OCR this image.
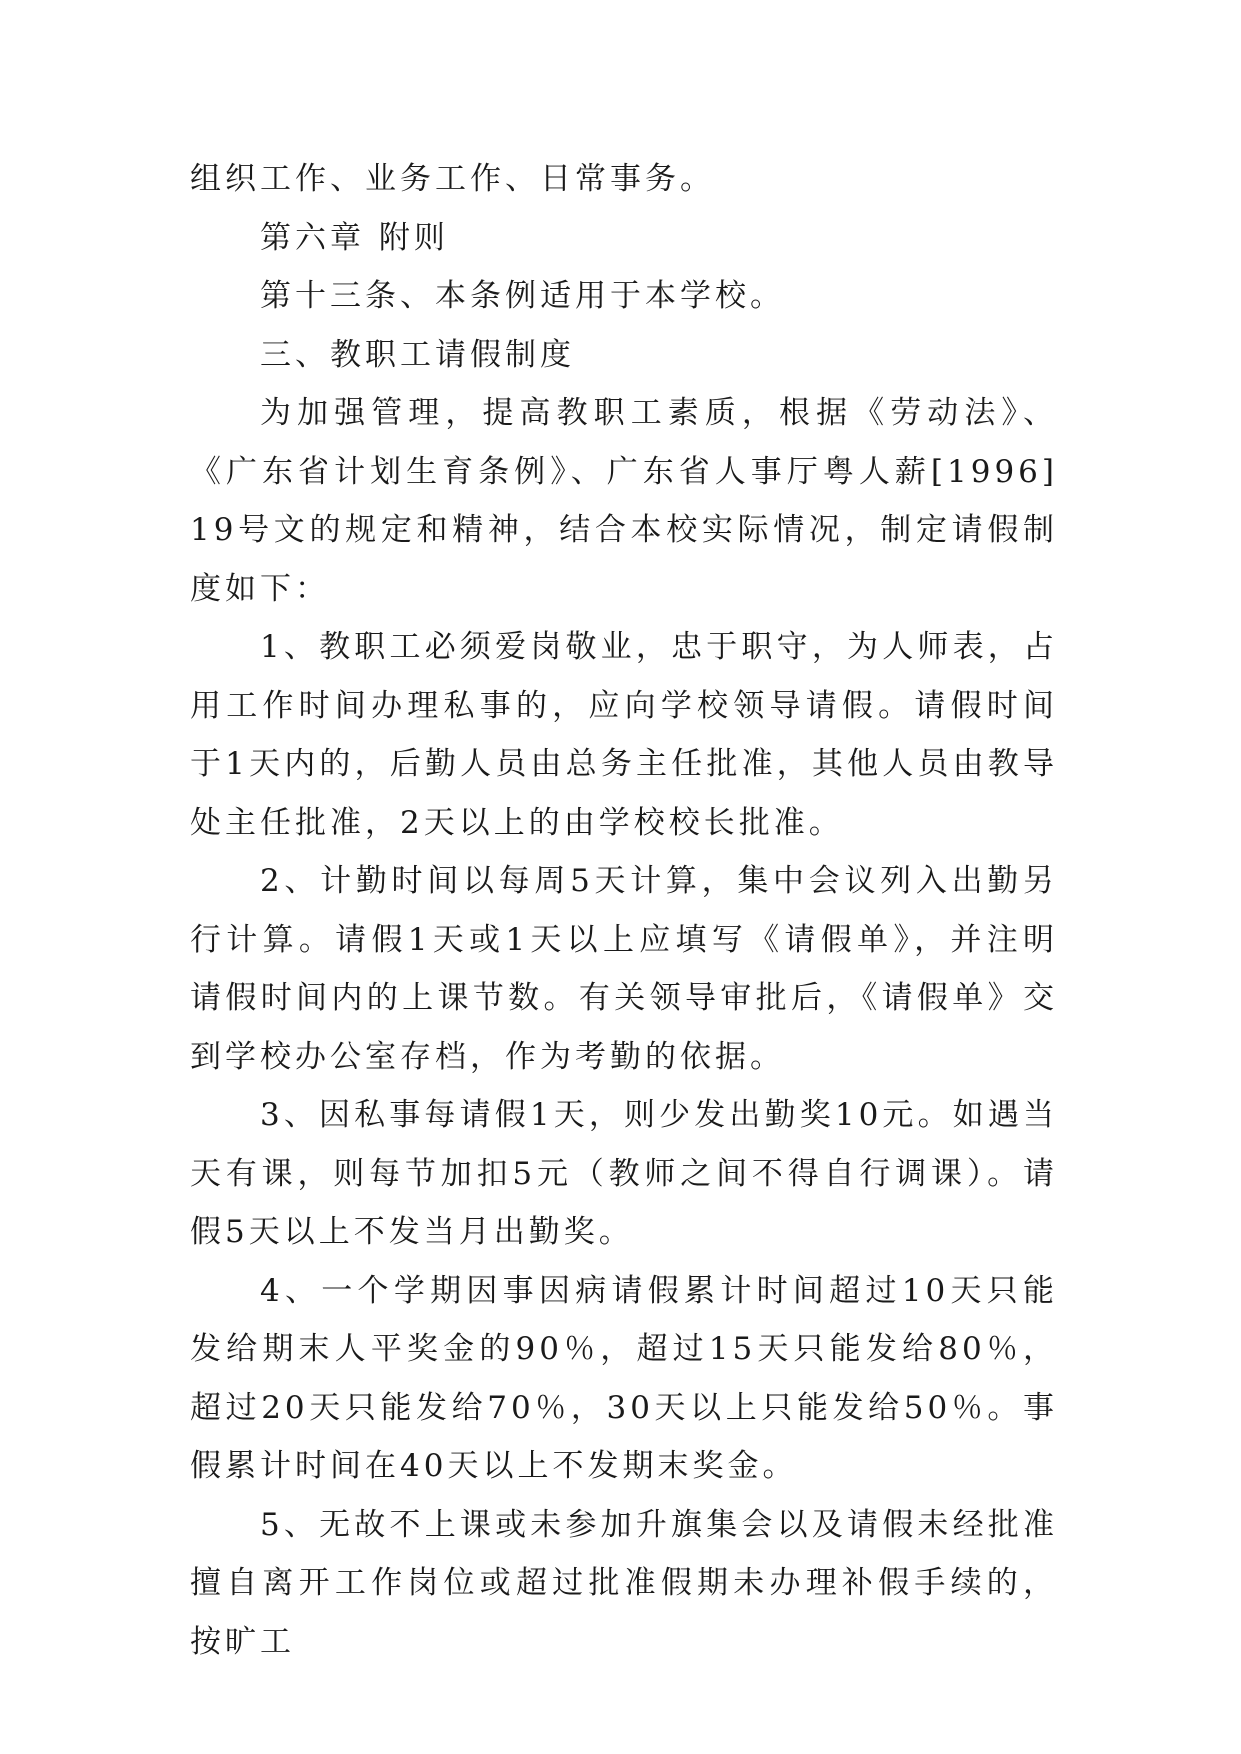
组织工作、业务工作、日常事务。

第六章 附则

第十三条、本条例适用于本学校。

三、教职工请假制度

为加强管理，提高教职工素质，根据《劳动法》、《广东省计划生育条例》、广东省人事厅粤人薪[1996]19号文的规定和精神，结合本校实际情况，制定请假制度如下：

1、教职工必须爱岗敬业，忠于职守，为人师表，占用工作时间办理私事的，应向学校领导请假。请假时间于1天内的，后勤人员由总务主任批准，其他人员由教导处主任批准，2天以上的由学校校长批准。

2、计勤时间以每周5天计算，集中会议列入出勤另行计算。请假1天或1天以上应填写《请假单》，并注明请假时间内的上课节数。有关领导审批后，《请假单》交到学校办公室存档，作为考勤的依据。

3、因私事每请假1天，则少发出勤奖10元。如遇当天有课，则每节加扣5元（教师之间不得自行调课）。请假5天以上不发当月出勤奖。

4、一个学期因事因病请假累计时间超过10天只能发给期末人平奖金的90％，超过15天只能发给80％，超过20天只能发给70％，30天以上只能发给50％。事假累计时间在40天以上不发期末奖金。

5、无故不上课或未参加升旗集会以及请假未经批准擅自离开工作岗位或超过批准假期未办理补假手续的，按旷工
